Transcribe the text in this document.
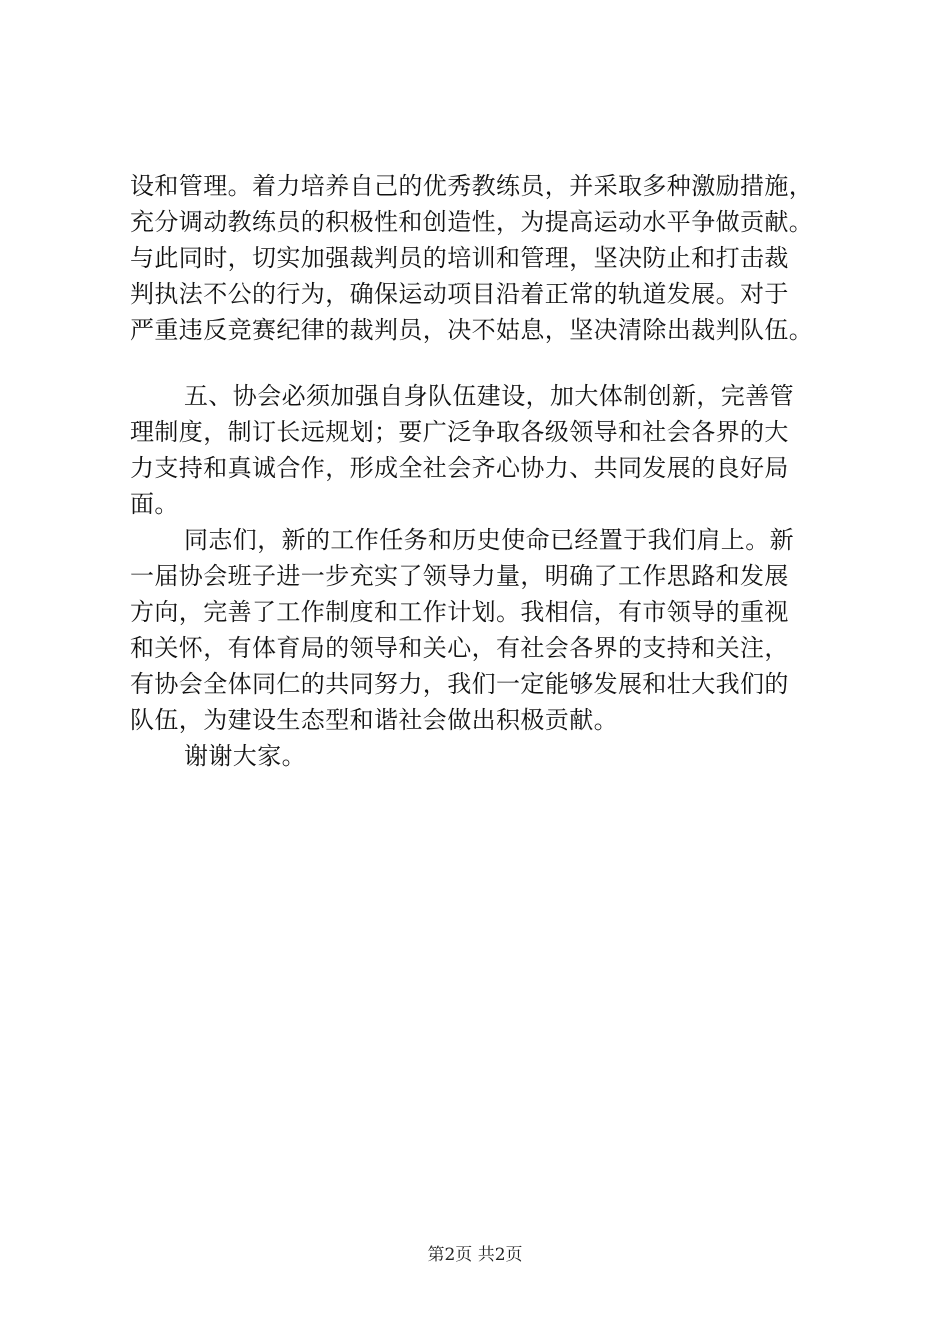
设和管理。着力培养自己的优秀教练员，并采取多种激励措施，
充分调动教练员的积极性和创造性，为提高运动水平争做贡献。
与此同时，切实加强裁判员的培训和管理，坚决防止和打击裁
判执法不公的行为，确保运动项目沿着正常的轨道发展。对于
严重违反竞赛纪律的裁判员，决不姑息，坚决清除出裁判队伍。
五、协会必须加强自身队伍建设，加大体制创新，完善管
理制度，制订长远规划；要广泛争取各级领导和社会各界的大
力支持和真诚合作，形成全社会齐心协力、共同发展的良好局
面。
同志们，新的工作任务和历史使命已经置于我们肩上。新
一届协会班子进一步充实了领导力量，明确了工作思路和发展
方向，完善了工作制度和工作计划。我相信，有市领导的重视
和关怀，有体育局的领导和关心，有社会各界的支持和关注，
有协会全体同仁的共同努力，我们一定能够发展和壮大我们的
队伍，为建设生态型和谐社会做出积极贡献。
谢谢大家。
第2页 共2页
